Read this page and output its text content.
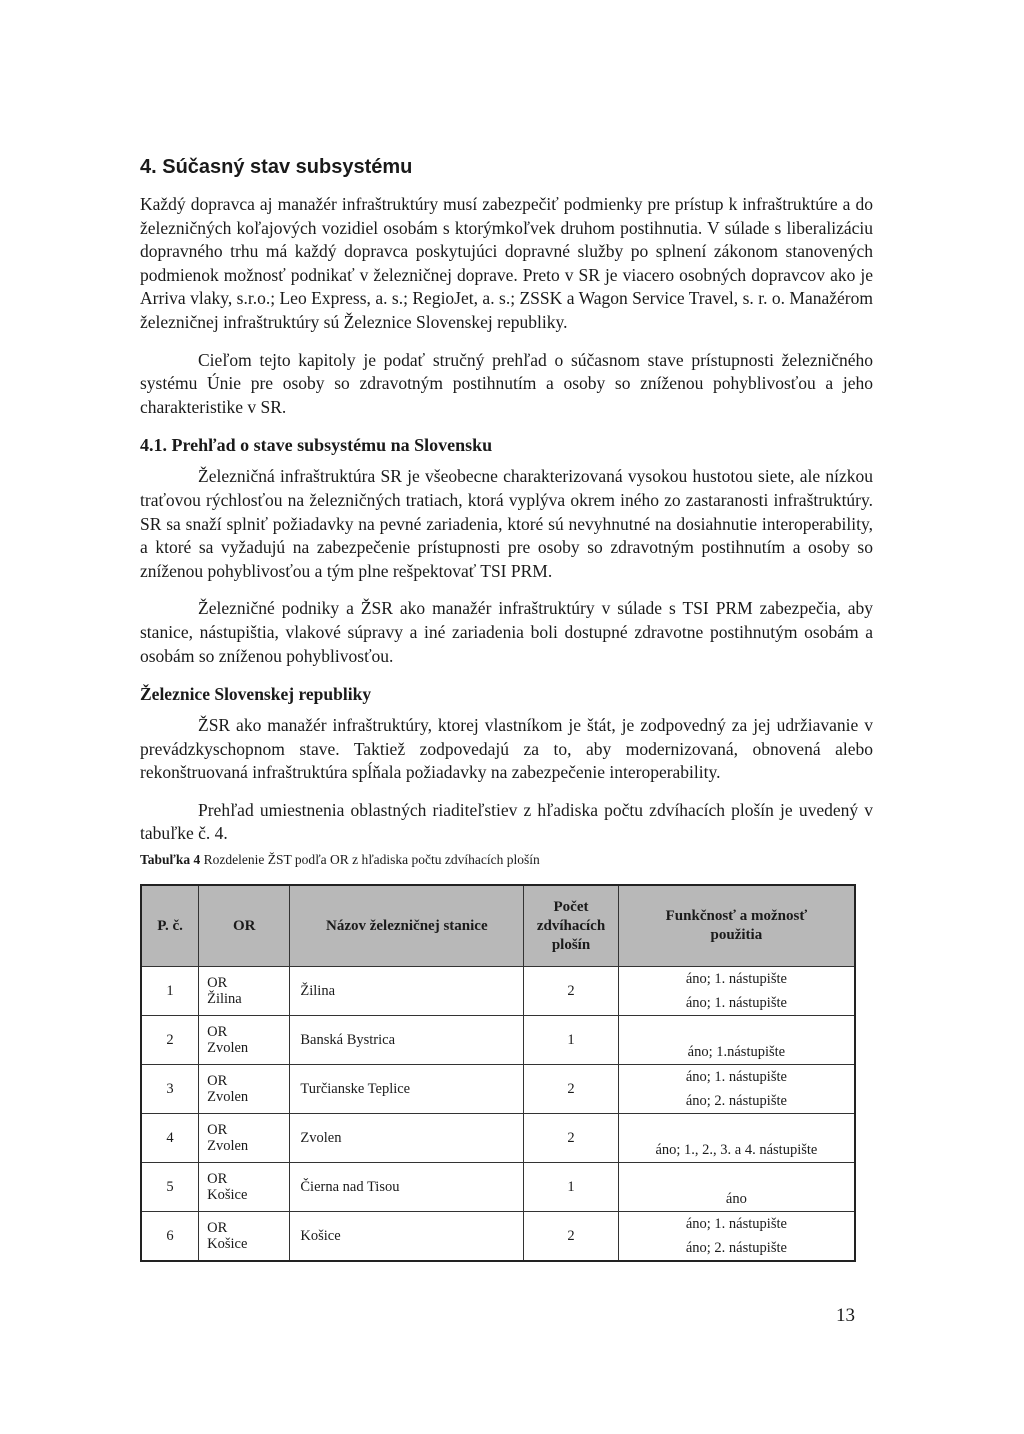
4. Súčasný stav subsystému

Každý dopravca aj manažér infraštruktúry musí zabezpečiť podmienky pre prístup k infraštruktúre a do železničných koľajových vozidiel osobám s ktorýmkoľvek druhom postihnutia. V súlade s liberalizáciu dopravného trhu má každý dopravca poskytujúci dopravné služby po splnení zákonom stanovených podmienok možnosť podnikať v železničnej doprave. Preto v SR je viacero osobných dopravcov ako je Arriva vlaky, s.r.o.; Leo Express, a. s.; RegioJet, a. s.; ZSSK a Wagon Service Travel, s. r. o. Manažérom železničnej infraštruktúry sú Železnice Slovenskej republiky.

Cieľom tejto kapitoly je podať stručný prehľad o súčasnom stave prístupnosti železničného systému Únie pre osoby so zdravotným postihnutím a osoby so zníženou pohyblivosťou a jeho charakteristike v SR.

4.1. Prehľad o stave subsystému na Slovensku

Železničná infraštruktúra SR je všeobecne charakterizovaná vysokou hustotou siete, ale nízkou traťovou rýchlosťou na železničných tratiach, ktorá vyplýva okrem iného zo zastaranosti infraštruktúry. SR sa snaží splniť požiadavky na pevné zariadenia, ktoré sú nevyhnutné na dosiahnutie interoperability, a ktoré sa vyžadujú na zabezpečenie prístupnosti pre osoby so zdravotným postihnutím a osoby so zníženou pohyblivosťou a tým plne rešpektovať TSI PRM.

Železničné podniky a ŽSR ako manažér infraštruktúry v súlade s TSI PRM zabezpečia, aby stanice, nástupištia, vlakové súpravy a iné zariadenia boli dostupné zdravotne postihnutým osobám a osobám so zníženou pohyblivosťou.

Železnice Slovenskej republiky

ŽSR ako manažér infraštruktúry, ktorej vlastníkom je štát, je zodpovedný za jej udržiavanie v prevádzkyschopnom stave. Taktiež zodpovedajú za to, aby modernizovaná, obnovená alebo rekonštruovaná infraštruktúra spĺňala požiadavky na zabezpečenie interoperability.

Prehľad umiestnenia oblastných riaditeľstiev z hľadiska počtu zdvíhacích plošín je uvedený v tabuľke č. 4.

Tabuľka 4 Rozdelenie ŽST podľa OR z hľadiska počtu zdvíhacích plošín
P. č.	OR	Názov železničnej stanice	Počet zdvíhacích plošín	Funkčnosť a možnosť použitia
1	OR
Žilina	Žilina	2	áno; 1. nástupište
áno; 1. nástupište

2	OR
Zvolen	Banská Bystrica	1	áno; 1.nástupište

3	OR
Zvolen	Turčianske Teplice	2	áno; 1. nástupište
áno; 2. nástupište

4	OR
Zvolen	Zvolen	2	áno; 1., 2., 3. a 4. nástupište

5	OR
Košice	Čierna nad Tisou	1	áno

6	OR
Košice	Košice	2	áno; 1. nástupište
áno; 2. nástupište
13
